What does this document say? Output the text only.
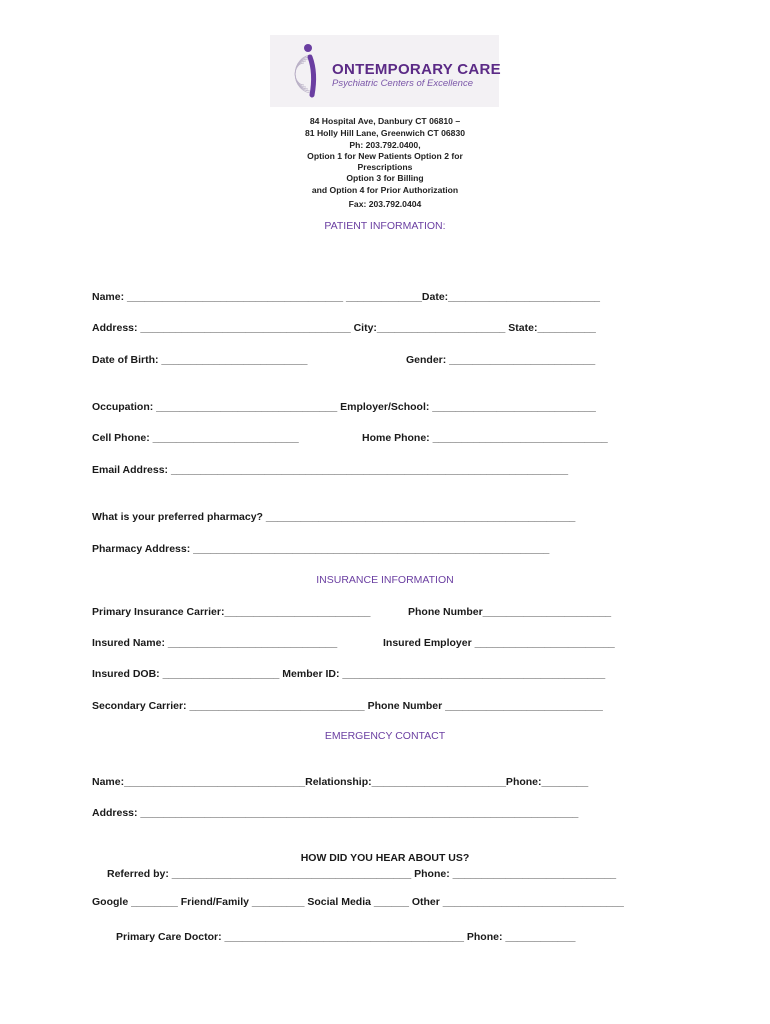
ONTEMPORARY CARE
Psychiatric Centers of Excellence
84 Hospital Ave, Danbury CT 06810 –
81 Holly Hill Lane, Greenwich CT 06830
Ph: 203.792.0400,
Option 1 for New Patients Option 2 for
Prescriptions
Option 3 for Billing
and Option 4 for Prior Authorization
Fax: 203.792.0404
PATIENT INFORMATION:
Name: _____________________________________ _____________Date:__________________________
Address: ____________________________________ City:______________________ State:__________
Date of Birth: _________________________	Gender: _________________________
Occupation: _______________________________ Employer/School: ____________________________
Cell Phone: _________________________	Home Phone: ______________________________
Email Address: ____________________________________________________________________
What is your preferred pharmacy? _____________________________________________________
Pharmacy Address: _____________________________________________________________
INSURANCE INFORMATION
Primary Insurance Carrier:_________________________	Phone Number______________________
Insured Name: _____________________________	Insured Employer ________________________
Insured DOB: ____________________ Member ID: _____________________________________________
Secondary Carrier: ______________________________ Phone Number ___________________________
EMERGENCY CONTACT
Name:_______________________________Relationship:_______________________Phone:________
Address: ___________________________________________________________________________
HOW DID YOU HEAR ABOUT US?
Referred by: _________________________________________ Phone: ____________________________
Google ________ Friend/Family _________ Social Media ______ Other _______________________________
Primary Care Doctor: _________________________________________ Phone: ____________
